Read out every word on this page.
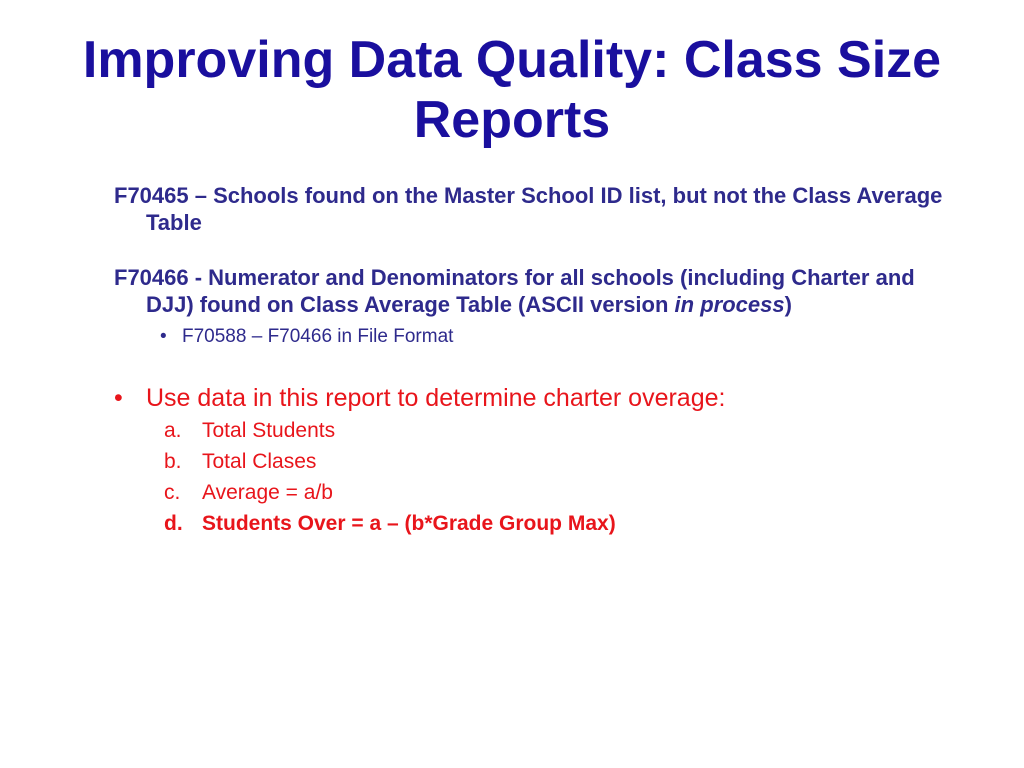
Improving Data Quality: Class Size Reports

F70465 – Schools found on the Master School ID list, but not the Class Average Table

F70466 - Numerator and Denominators for all schools (including Charter and DJJ) found on Class Average Table (ASCII version in process)

• F70588 – F70466 in File Format
• Use data in this report to determine charter overage:
a. Total Students
b. Total Clases
c.	Average = a/b
d. Students Over = a – (b*Grade Group Max)
